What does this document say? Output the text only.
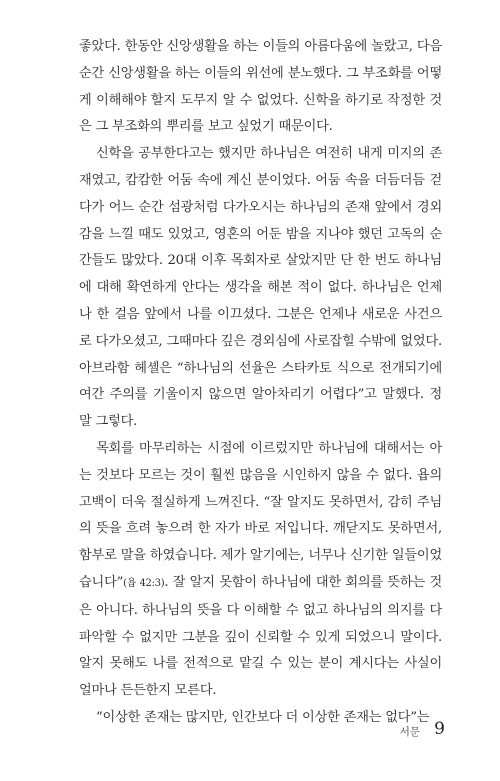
좋았다. 한동안 신앙생활을 하는 이들의 아름다움에 놀랐고, 다음 순간 신앙생활을 하는 이들의 위선에 분노했다. 그 부조화를 어떻게 이해해야 할지 도무지 알 수 없었다. 신학을 하기로 작정한 것은 그 부조화의 뿌리를 보고 싶었기 때문이다.

신학을 공부한다고는 했지만 하나님은 여전히 내게 미지의 존재였고, 캄캄한 어둠 속에 계신 분이었다. 어둠 속을 더듬더듬 걷다가 어느 순간 섬광처럼 다가오시는 하나님의 존재 앞에서 경외감을 느낄 때도 있었고, 영혼의 어둔 밤을 지나야 했던 고독의 순간들도 많았다. 20대 이후 목회자로 살았지만 단 한 번도 하나님에 대해 확연하게 안다는 생각을 해본 적이 없다. 하나님은 언제나 한 걸음 앞에서 나를 이끄셨다. 그분은 언제나 새로운 사건으로 다가오셨고, 그때마다 깊은 경외심에 사로잡힐 수밖에 없었다. 아브라함 헤셸은 “하나님의 선율은 스타카토 식으로 전개되기에 여간 주의를 기울이지 않으면 알아차리기 어렵다”고 말했다. 정말 그렇다.

목회를 마무리하는 시점에 이르렀지만 하나님에 대해서는 아는 것보다 모르는 것이 훨씬 많음을 시인하지 않을 수 없다. 욥의 고백이 더욱 절실하게 느껴진다. “잘 알지도 못하면서, 감히 주님의 뜻을 흐려 놓으려 한 자가 바로 저입니다. 깨닫지도 못하면서, 함부로 말을 하였습니다. 제가 알기에는, 너무나 신기한 일들이었습니다”(욥 42:3). 잘 알지 못함이 하나님에 대한 회의를 뜻하는 것은 아니다. 하나님의 뜻을 다 이해할 수 없고 하나님의 의지를 다 파악할 수 없지만 그분을 깊이 신뢰할 수 있게 되었으니 말이다. 알지 못해도 나를 전적으로 맡길 수 있는 분이 계시다는 사실이 얼마나 든든한지 모른다.

“이상한 존재는 많지만, 인간보다 더 이상한 존재는 없다”는

서문 9
